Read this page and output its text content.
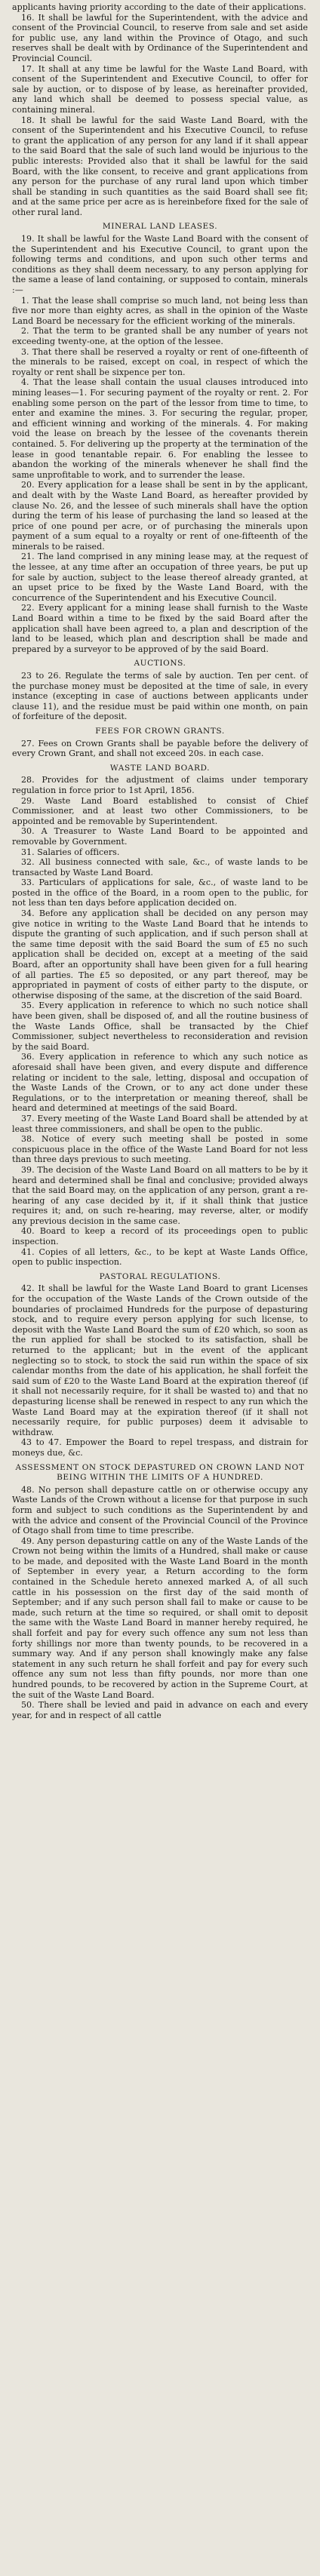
applicants having priority according to the date of their applications.

16. It shall be lawful for the Superintendent, with the advice and consent of the Provincial Council, to reserve from sale and set aside for public use, any land within the Province of Otago, and such reserves shall be dealt with by Ordinance of the Superintendent and Provincial Council.

17. It shall at any time be lawful for the Waste Land Board, with consent of the Superintendent and Executive Council, to offer for sale by auction, or to dispose of by lease, as hereinafter provided, any land which shall be deemed to possess special value, as containing mineral.

18. It shall be lawful for the said Waste Land Board, with the consent of the Superintendent and his Executive Council, to refuse to grant the application of any person for any land if it shall appear to the said Board that the sale of such land would be injurious to the public interests: Provided also that it shall be lawful for the said Board, with the like consent, to receive and grant applications from any person for the purchase of any rural land upon which timber shall be standing in such quantities as the said Board shall see fit; and at the same price per acre as is hereinbefore fixed for the sale of other rural land.

MINERAL LAND LEASES.

19. It shall be lawful for the Waste Land Board with the consent of the Superintendent and his Executive Council, to grant upon the following terms and conditions, and upon such other terms and conditions as they shall deem necessary, to any person applying for the same a lease of land containing, or supposed to contain, minerals :—

1. That the lease shall comprise so much land, not being less than five nor more than eighty acres, as shall in the opinion of the Waste Land Board be necessary for the efficient working of the minerals.

2. That the term to be granted shall be any number of years not exceeding twenty-one, at the option of the lessee.

3. That there shall be reserved a royalty or rent of one-fifteenth of the minerals to be raised, except on coal, in respect of which the royalty or rent shall be sixpence per ton.

4. That the lease shall contain the usual clauses introduced into mining leases—1. For securing payment of the royalty or rent. 2. For enabling some person on the part of the lessor from time to time, to enter and examine the mines. 3. For securing the regular, proper, and efficient winning and working of the minerals. 4. For making void the lease on breach by the lessee of the covenants therein contained. 5. For delivering up the property at the termination of the lease in good tenantable repair. 6. For enabling the lessee to abandon the working of the minerals whenever he shall find the same unprofitable to work, and to surrender the lease.

20. Every application for a lease shall be sent in by the applicant, and dealt with by the Waste Land Board, as hereafter provided by clause No. 26, and the lessee of such minerals shall have the option during the term of his lease of purchasing the land so leased at the price of one pound per acre, or of purchasing the minerals upon payment of a sum equal to a royalty or rent of one-fifteenth of the minerals to be raised.

21. The land comprised in any mining lease may, at the request of the lessee, at any time after an occupation of three years, be put up for sale by auction, subject to the lease thereof already granted, at an upset price to be fixed by the Waste Land Board, with the concurrence of the Superintendent and his Executive Council.

22. Every applicant for a mining lease shall furnish to the Waste Land Board within a time to be fixed by the said Board after the application shall have been agreed to, a plan and description of the land to be leased, which plan and description shall be made and prepared by a surveyor to be approved of by the said Board.

AUCTIONS.

23 to 26. Regulate the terms of sale by auction. Ten per cent. of the purchase money must be deposited at the time of sale, in every instance (excepting in case of auctions between applicants under clause 11), and the residue must be paid within one month, on pain of forfeiture of the deposit.

FEES FOR CROWN GRANTS.

27. Fees on Crown Grants shall be payable before the delivery of every Crown Grant, and shall not exceed 20s. in each case.

WASTE LAND BOARD.

28. Provides for the adjustment of claims under temporary regulation in force prior to 1st April, 1856.

29. Waste Land Board established to consist of Chief Commissioner, and at least two other Commissioners, to be appointed and be removable by Superintendent.

30. A Treasurer to Waste Land Board to be appointed and removable by Government.

31. Salaries of officers.

32. All business connected with sale, &c., of waste lands to be transacted by Waste Land Board.

33. Particulars of applications for sale, &c., of waste land to be posted in the office of the Board, in a room open to the public, for not less than ten days before application decided on.

34. Before any application shall be decided on any person may give notice in writing to the Waste Land Board that he intends to dispute the granting of such application, and if such person shall at the same time deposit with the said Board the sum of £5 no such application shall be decided on, except at a meeting of the said Board, after an opportunity shall have been given for a full hearing of all parties. The £5 so deposited, or any part thereof, may be appropriated in payment of costs of either party to the dispute, or otherwise disposing of the same, at the discretion of the said Board.

35. Every application in reference to which no such notice shall have been given, shall be disposed of, and all the routine business of the Waste Lands Office, shall be transacted by the Chief Commissioner, subject nevertheless to reconsideration and revision by the said Board.

36. Every application in reference to which any such notice as aforesaid shall have been given, and every dispute and difference relating or incident to the sale, letting, disposal and occupation of the Waste Lands of the Crown, or to any act done under these Regulations, or to the interpretation or meaning thereof, shall be heard and determined at meetings of the said Board.

37. Every meeting of the Waste Land Board shall be attended by at least three commissioners, and shall be open to the public.

38. Notice of every such meeting shall be posted in some conspicuous place in the office of the Waste Land Board for not less than three days previous to such meeting.

39. The decision of the Waste Land Board on all matters to be by it heard and determined shall be final and conclusive; provided always that the said Board may, on the application of any person, grant a re-hearing of any case decided by it, if it shall think that justice requires it; and, on such re-hearing, may reverse, alter, or modify any previous decision in the same case.

40. Board to keep a record of its proceedings open to public inspection.

41. Copies of all letters, &c., to be kept at Waste Lands Office, open to public inspection.

PASTORAL REGULATIONS.

42. It shall be lawful for the Waste Land Board to grant Licenses for the occupation of the Waste Lands of the Crown outside of the boundaries of proclaimed Hundreds for the purpose of depasturing stock, and to require every person applying for such license, to deposit with the Waste Land Board the sum of £20 which, so soon as the run applied for shall be stocked to its satisfaction, shall be returned to the applicant; but in the event of the applicant neglecting so to stock, to stock the said run within the space of six calendar months from the date of his application, he shall forfeit the said sum of £20 to the Waste Land Board at the expiration thereof (if it shall not necessarily require, for it shall be wasted to) and that no depasturing license shall be renewed in respect to any run which the Waste Land Board may at the expiration thereof (if it shall not necessarily require, for public purposes) deem it advisable to withdraw.

43 to 47. Empower the Board to repel trespass, and distrain for moneys due, &c.

ASSESSMENT ON STOCK DEPASTURED ON CROWN LAND NOT BEING WITHIN THE LIMITS OF A HUNDRED.

48. No person shall depasture cattle on or otherwise occupy any Waste Lands of the Crown without a license for that purpose in such form and subject to such conditions as the Superintendent by and with the advice and consent of the Provincial Council of the Province of Otago shall from time to time prescribe.

49. Any person depasturing cattle on any of the Waste Lands of the Crown not being within the limits of a Hundred, shall make or cause to be made, and deposited with the Waste Land Board in the month of September in every year, a Return according to the form contained in the Schedule hereto annexed marked A, of all such cattle in his possession on the first day of the said month of September; and if any such person shall fail to make or cause to be made, such return at the time so required, or shall omit to deposit the same with the Waste Land Board in manner hereby required, he shall forfeit and pay for every such offence any sum not less than forty shillings nor more than twenty pounds, to be recovered in a summary way. And if any person shall knowingly make any false statement in any such return he shall forfeit and pay for every such offence any sum not less than fifty pounds, nor more than one hundred pounds, to be recovered by action in the Supreme Court, at the suit of the Waste Land Board.

50. There shall be levied and paid in advance on each and every year, for and in respect of all cattle
